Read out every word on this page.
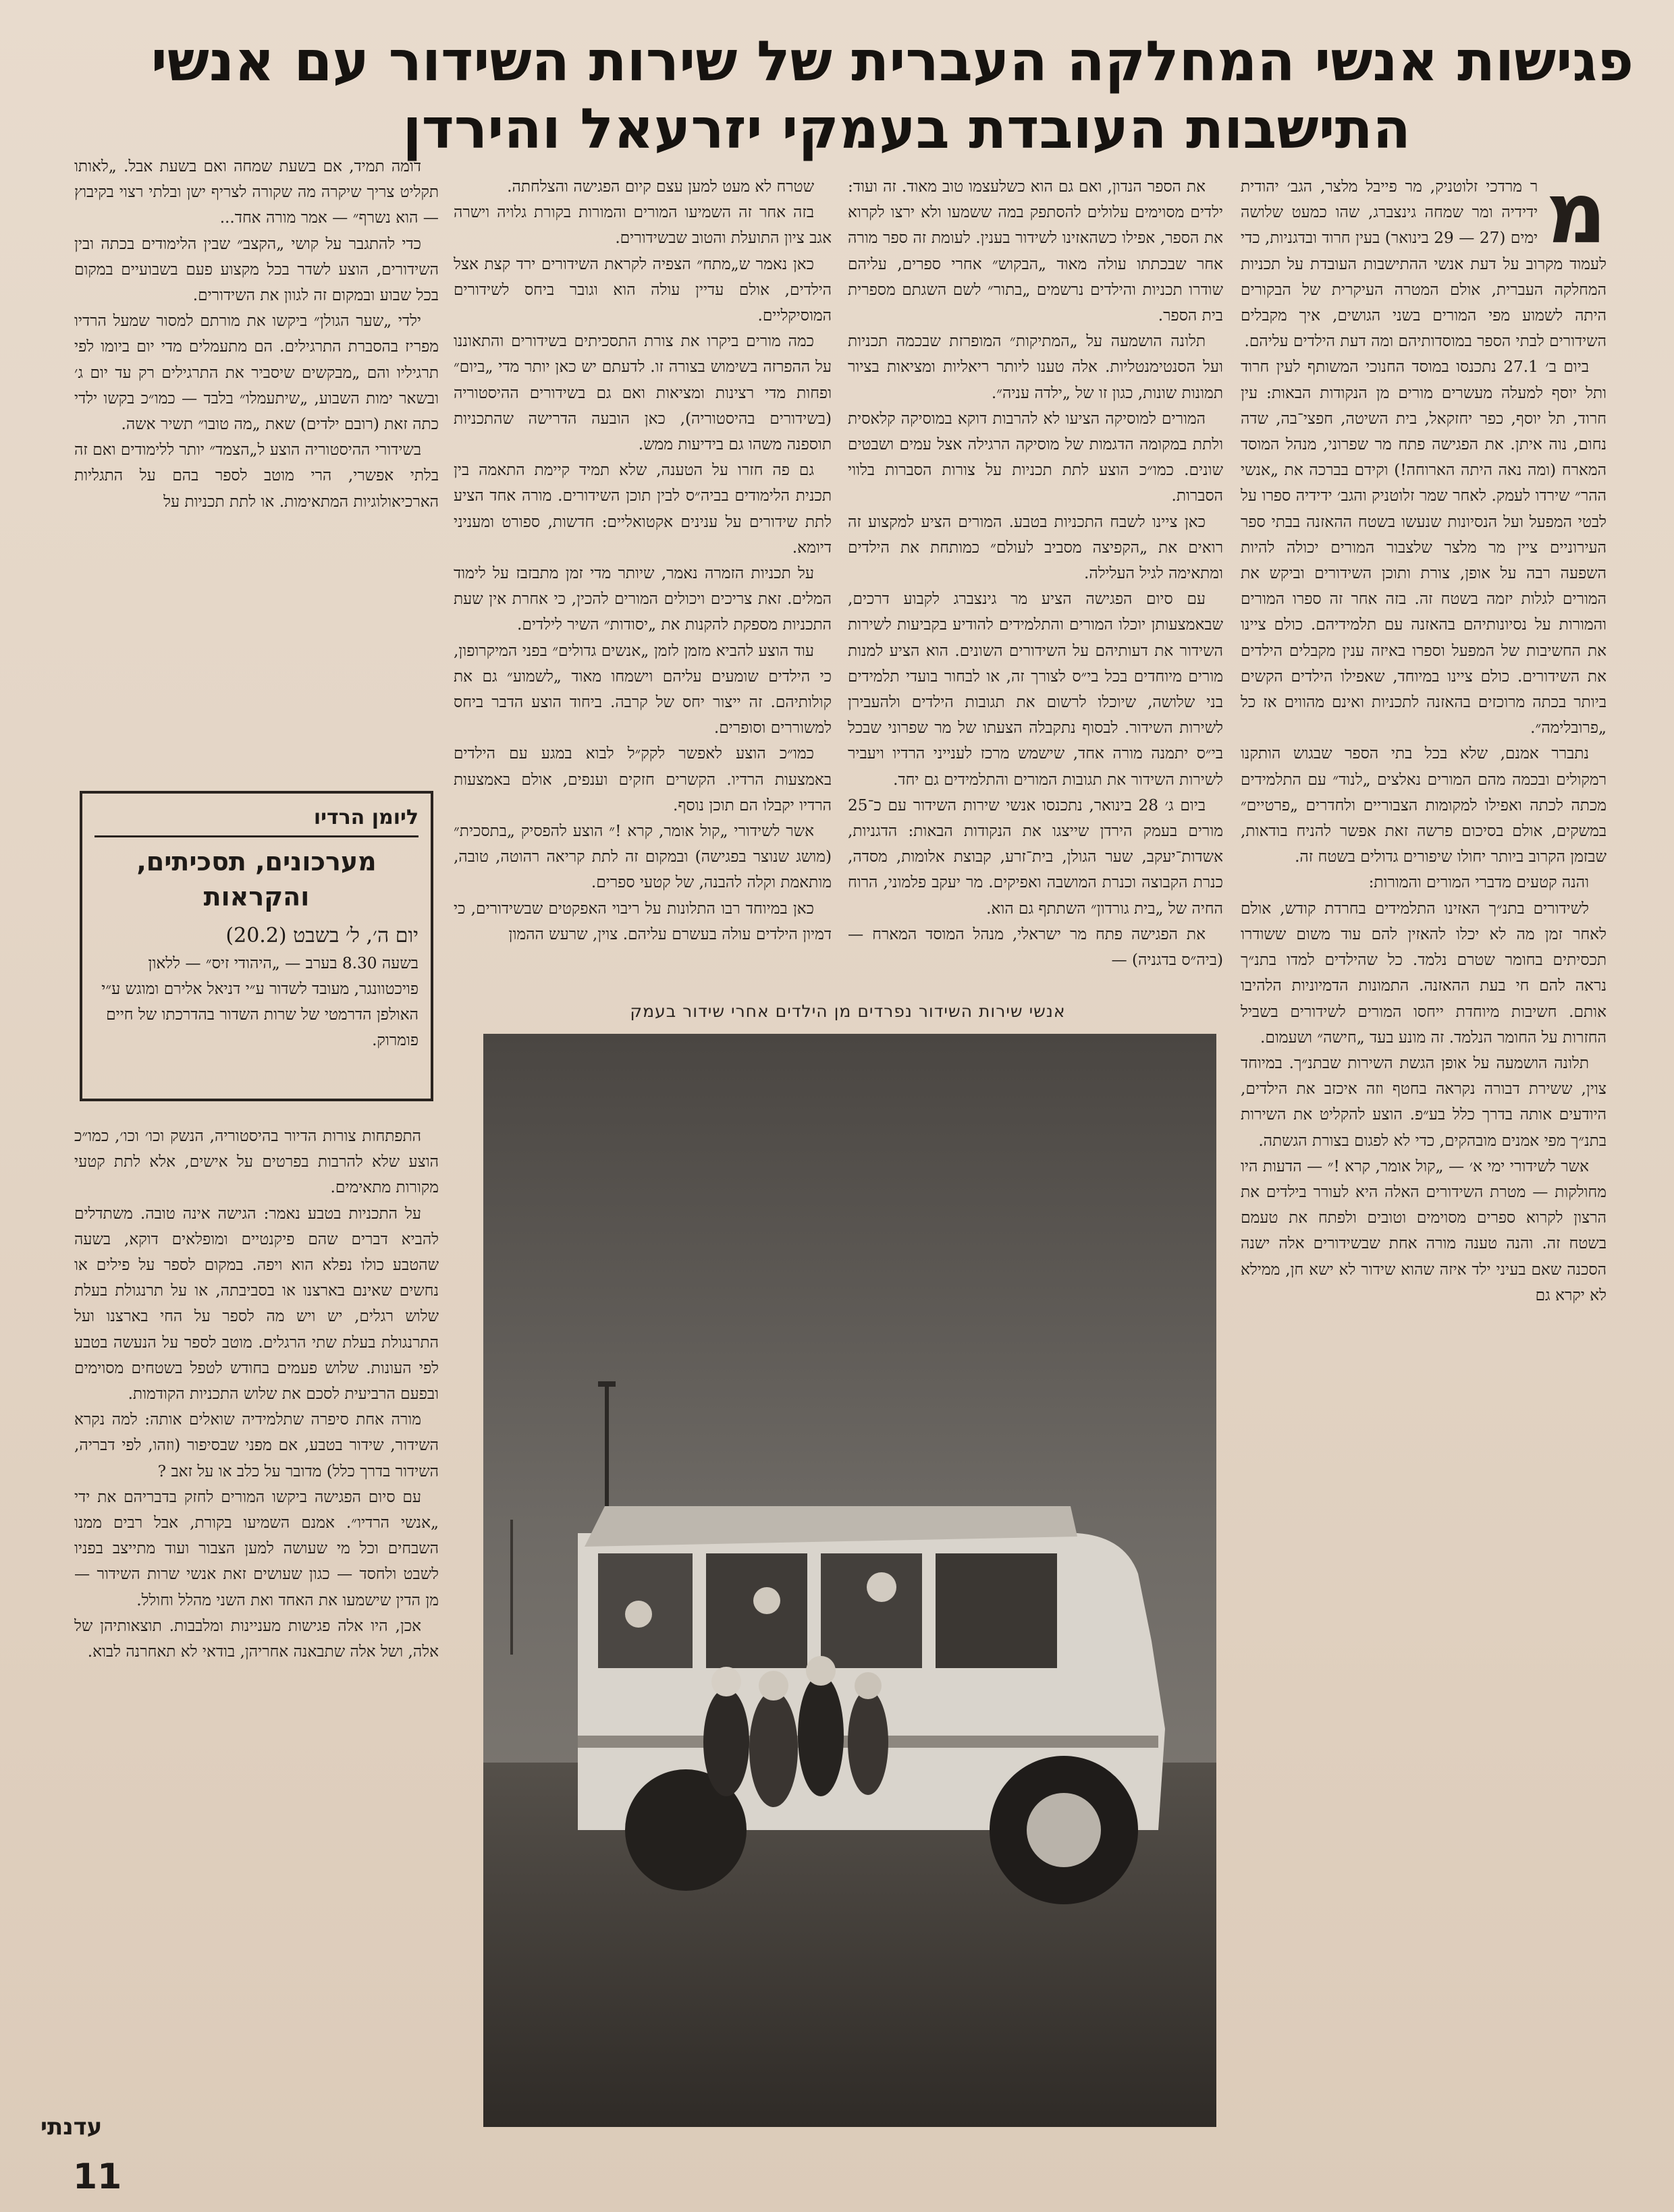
פגישות אנשי המחלקה העברית של שירות השידור עם אנשי
התישבות העובדת בעמקי יזרעאל והירדן
מ

ר מרדכי זלוטניק, מר פייבל מלצר, הגב׳ יהודית ידידיה ומר שמחה גינצברג, שהו כמעט שלושה ימים (27 — 29 בינואר) בעין חרוד ובדגניות, כדי לעמוד מקרוב על דעת אנשי ההתישבות העובדת על תכניות המחלקה העברית, אולם המטרה העיקרית של הבקורים היתה לשמוע מפי המורים בשני הגושים, איך מקבלים השידורים לבתי הספר במוסדותיהם ומה דעת הילדים עליהם.

ביום ב׳ 27.1 נתכנסו במוסד החנוכי המשותף לעין חרוד ותל יוסף למעלה מעשרים מורים מן הנקודות הבאות: עין חרוד, תל יוסף, כפר יחזקאל, בית השיטה, חפצי־בה, שדה נחום, נוה איתן. את הפגישה פתח מר שפרוני, מנהל המוסד המארח (ומה נאה היתה הארוחה!) וקידם בברכה את „אנשי ההר״ שירדו לעמק. לאחר שמר זלוטניק והגב׳ ידידיה ספרו על לבטי המפעל ועל הנסיונות שנעשו בשטח ההאזנה בבתי ספר העירוניים ציין מר מלצר שלצבור המורים יכולה להיות השפעה רבה על אופן, צורת ותוכן השידורים וביקש את המורים לגלות יזמה בשטח זה. בזה אחר זה ספרו המורים והמורות על נסיונותיהם בהאזנה עם תלמידיהם. כולם ציינו את החשיבות של המפעל וספרו באיזה ענין מקבלים הילדים את השידורים. כולם ציינו במיוחד, שאפילו הילדים הקשים ביותר בכתה מרוכזים בהאזנה לתכניות ואינם מהווים אז כל „פרובלימה״.

נתברר אמנם, שלא בכל בתי הספר שבגוש הותקנו רמקולים ובכמה מהם המורים נאלצים „לנוד״ עם התלמידים מכתה לכתה ואפילו למקומות הצבוריים ולחדרים „פרטיים״ במשקים, אולם בסיכום פרשה זאת אפשר להניח בודאות, שבזמן הקרוב ביותר יחולו שיפורים גדולים בשטח זה.

והנה קטעים מדברי המורים והמורות:

לשידורים בתנ״ך האזינו התלמידים בחרדת קודש, אולם לאחר זמן מה לא יכלו להאזין להם עוד משום ששודרו תכסיתים בחומר שטרם נלמד. כל שהילדים למדו בתנ״ך נראה להם חי בעת ההאזנה. התמונות הדמיוניות הלהיבו אותם. חשיבות מיוחדת ייחסו המורים לשידורים בשביל החזרות על החומר הנלמד. זה מונע בעד „חישה״ ושעמום.

תלונה הושמעה על אופן הגשת השירות שבתנ״ך. במיוחד צוין, ששירת דבורה נקראה בחטף וזה איכזב את הילדים, היודעים אותה בדרך כלל בע״פ. הוצע להקליט את השירות בתנ״ך מפי אמנים מובהקים, כדי לא לפגום בצורת הגשתה.

אשר לשידורי ימי א׳ — „קול אומר, קרא !״ — הדעות היו מחולקות — מטרת השידורים האלה היא לעורר בילדים את הרצון לקרוא ספרים מסוימים וטובים ולפתח את טעמם בשטח זה. והנה טענה מורה אחת שבשידורים אלה ישנה הסכנה שאם בעיני ילד איזה שהוא שידור לא ישא חן, ממילא לא יקרא גם

את הספר הנדון, ואם גם הוא כשלעצמו טוב מאוד. זה ועוד: ילדים מסוימים עלולים להסתפק במה ששמעו ולא ירצו לקרוא את הספר, אפילו כשהאזינו לשידור בענין. לעומת זה ספר מורה אחר שבכתתו עולה מאוד „הבקוש״ אחרי ספרים, עליהם שודרו תכניות והילדים נרשמים „בתור״ לשם השגתם מספרית בית הספר.

תלונה הושמעה על „המתיקות״ המופרזת שבכמה תכניות ועל הסנטימנטליות. אלה טענו ליותר ריאליות ומציאות בציור תמונות שונות, כגון זו של „ילדה עניה״.

המורים למוסיקה הציעו לא להרבות דוקא במוסיקה קלאסית ולתת במקומה הדגמות של מוסיקה הרגילה אצל עמים ושבטים שונים. כמו״כ הוצע לתת תכניות על צורות הסברות בלווי הסברות.

כאן ציינו לשבח התכניות בטבע. המורים הציע למקצוע זה רואים את „הקפיצה מסביב לעולם״ כמותחת את הילדים ומתאימה לגיל העלילה.

עם סיום הפגישה הציע מר גינצברג לקבוע דרכים, שבאמצעותן יוכלו המורים והתלמידים להודיע בקביעות לשירות השידור את דעותיהם על השידורים השונים. הוא הציע למנות מורים מיוחדים בכל בי״ס לצורך זה, או לבחור בועדי תלמידים בני שלושה, שיוכלו לרשום את תגובות הילדים ולהעבירן לשירות השידור. לבסוף נתקבלה הצעתו של מר שפרוני שבכל בי״ס יתמנה מורה אחד, שישמש מרכז לענייני הרדיו ויעביר לשירות השידור את תגובות המורים והתלמידים גם יחד.

ביום ג׳ 28 בינואר, נתכנסו אנשי שירות השידור עם כ־25 מורים בעמק הירדן שייצגו את הנקודות הבאות: הדגניות, אשדות־יעקב, שער הגולן, בית־זרע, קבוצת אלומות, מסדה, כנרת הקבוצה וכנרת המושבה ואפיקים. מר יעקב פלמוני, הרוח החיה של „בית גורדון״ השתתף גם הוא.

את הפגישה פתח מר ישראלי, מנהל המוסד המארח — (ביה״ס בדגניה) —

שטרח לא מעט למען עצם קיום הפגישה והצלחתה.

בזה אחר זה השמיעו המורים והמורות בקורת גלויה וישרה אגב ציון התועלת והטוב שבשידורים.

כאן נאמר ש„מתח״ הצפיה לקראת השידורים ירד קצת אצל הילדים, אולם עדיין עולה הוא וגובר ביחס לשידורים המוסיקליים.

כמה מורים ביקרו את צורת התסכיתים בשידורים והתאוננו על ההפרזה בשימוש בצורה זו. לדעתם יש כאן יותר מדי „ביום״ ופחות מדי רצינות ומציאות ואם גם בשידורים ההיסטוריה (בשידורים בהיסטוריה), כאן הובעה הדרישה שהתכניות תוספנה משהו גם בידיעות ממש.

גם פה חזרו על הטענה, שלא תמיד קיימת התאמה בין תכנית הלימודים בביה״ס לבין תוכן השידורים. מורה אחד הציע לתת שידורים על ענינים אקטואליים: חדשות, ספורט ומעניני דיומא.

על תכניות הזמרה נאמר, שיותר מדי זמן מתבזבז על לימוד המלים. זאת צריכים ויכולים המורים להכין, כי אחרת אין שעת התכניות מספקת להקנות את „יסודות״ השיר לילדים.

עוד הוצע להביא מזמן לזמן „אנשים גדולים״ בפני המיקרופון, כי הילדים שומעים עליהם וישמחו מאוד „לשמוע״ גם את קולותיהם. זה ייצור יחס של קרבה. ביחוד הוצע הדבר ביחס למשוררים וסופרים.

כמו״כ הוצע לאפשר לקק״ל לבוא במגע עם הילדים באמצעות הרדיו. הקשרים חזקים וענפים, אולם באמצעות הרדיו יקבלו הם תוכן נוסף.

אשר לשידורי „קול אומר, קרא !״ הוצע להפסיק „בתסכית״ (מושג שנוצר בפגישה) ובמקום זה לתת קריאה רהוטה, טובה, מותאמת וקלה להבנה, של קטעי ספרים.

כאן במיוחד רבו התלונות על ריבוי האפקטים שבשידורים, כי דמיון הילדים עולה בעשרם עליהם. צוין, שרעש ההמון

דומה תמיד, אם בשעת שמחה ואם בשעת אבל. „לאותו תקליט צריך שיקרה מה שקורה לצריף ישן ובלתי רצוי בקיבוץ — הוא נשרף״ — אמר מורה אחד...

כדי להתגבר על קושי „הקצב״ שבין הלימודים בכתה ובין השידורים, הוצע לשדר בכל מקצוע פעם בשבועיים במקום בכל שבוע ובמקום זה לגוון את השידורים.

ילדי „שער הגולן״ ביקשו את מורתם למסור שמעל הרדיו מפריז בהסברת התרגילים. הם מתעמלים מדי יום ביומו לפי תרגיליו והם „מבקשים שיסביר את התרגילים רק עד יום ג׳ ובשאר ימות השבוע, „שיתעמלו״ בלבד — כמו״כ בקשו ילדי כתה זאת (רובם ילדים) שאת „מה טובו״ תשיר אשה.

בשידורי ההיסטוריה הוצע ל„הצמד״ יותר ללימודים ואם זה בלתי אפשרי, הרי מוטב לספר בהם על התגליות הארכיאולוגיות המתאימות. או לתת תכניות על

ליומן הרדיו
מערכונים, תסכיתים, והקראות
יום ה׳, ל׳ בשבט (20.2)
בשעה 8.30 בערב — „היהודי זיס״ — ללאון פויכטוונגר, מעובד לשדור ע״י דניאל אלירם ומוגש ע״י האולפן הדרמטי של שרות השדור בהדרכתו של חיים פומרוק.

התפתחות צורות הדיור בהיסטוריה, הנשק וכו׳ וכו׳, כמו״כ הוצע שלא להרבות בפרטים על אישים, אלא לתת קטעי מקורות מתאימים.

על התכניות בטבע נאמר: הגישה אינה טובה. משתדלים להביא דברים שהם פיקנטיים ומופלאים דוקא, בשעה שהטבע כולו נפלא הוא ויפה. במקום לספר על פילים או נחשים שאינם בארצנו או בסביבתה, או על תרנגולת בעלת שלוש רגלים, יש ויש מה לספר על החי בארצנו ועל התרנגולת בעלת שתי הרגלים. מוטב לספר על הנעשה בטבע לפי העונות. שלוש פעמים בחודש לטפל בשטחים מסוימים ובפעם הרביעית לסכם את שלוש התכניות הקודמות.

מורה אחת סיפרה שתלמידיה שואלים אותה: למה נקרא השידור, שידור בטבע, אם מפני שבסיפור (וזהו, לפי דבריה, השידור בדרך כלל) מדובר על כלב או על זאב ?

עם סיום הפגישה ביקשו המורים לחזק בדבריהם את ידי „אנשי הרדיו״. אמנם השמיעו בקורת, אבל רבים ממנו השבחים וכל מי שעושה למען הצבור ועוד מתייצב בפניו לשבט ולחסד — כגון שעושים זאת אנשי שרות השידור — מן הדין שישמעו את האחד ואת השני מהלל וחולל.

אכן, היו אלה פגישות מעניינות ומלבבות. תוצאותיהן של אלה, ושל אלה שתבאנה אחריהן, בודאי לא תאחרנה לבוא.

אנשי שירות השידור נפרדים מן הילדים אחרי שידור בעמק
עדנתי
11
